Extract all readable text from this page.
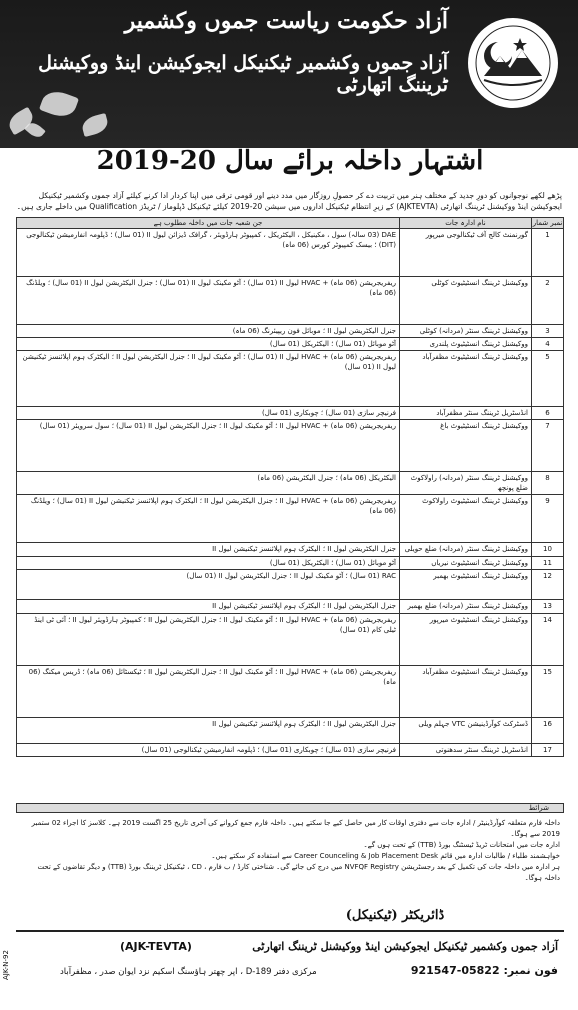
آزاد حکومت ریاست جموں وکشمیر
آزاد جموں وکشمیر ٹیکنیکل ایجوکیشن اینڈ ووکیشنل ٹریننگ اتھارٹی
اشتہار داخلہ برائے سال 20-2019
پڑھے لکھے نوجوانوں کو دورِ جدید کے مختلف ہنر میں تربیت دے کر حصولِ روزگار میں مدد دینے اور قومی ترقی میں اپنا کردار ادا کرنے کیلئے آزاد جموں وکشمیر ٹیکنیکل ایجوکیشن اینڈ ووکیشنل ٹریننگ اتھارٹی (AJKTEVTA) کے زیرِ انتظام ٹیکنیکل اداروں میں سیشن 20-2019 کیلئے ٹیکنیکل ڈپلوماز / ٹریڈز Qualification میں داخلے جاری ہیں۔
نمبر شمار	نام ادارہ جات	جن شعبہ جات میں داخلہ مطلوب ہے
1	گورنمنٹ کالج آف ٹیکنالوجی میرپور	DAE (03 سالہ) سول ، مکینیکل ، الیکٹریکل ، کمپیوٹر ہارڈویئر ، گرافک ڈیزائن لیول II (01 سال) ؛ ڈپلومہ انفارمیشن ٹیکنالوجی (DIT) ؛ بیسک کمپیوٹر کورس (06 ماہ)
2	ووکیشنل ٹریننگ انسٹیٹیوٹ کوٹلی	ریفریجریشن (06 ماہ) + HVAC لیول II (01 سال) ؛ آٹو مکینک لیول II (01 سال) ؛ جنرل الیکٹریشن لیول II (01 سال) ؛ ویلڈنگ (06 ماہ)
3	ووکیشنل ٹریننگ سنٹر (مردانہ) کوٹلی	جنرل الیکٹریشن لیول II ؛ موبائل فون ریپیئرنگ (06 ماہ)
4	ووکیشنل ٹریننگ انسٹیٹیوٹ پلندری	آٹو موبائل (01 سال) ؛ الیکٹریکل (01 سال)
5	ووکیشنل ٹریننگ انسٹیٹیوٹ مظفرآباد	ریفریجریشن (06 ماہ) + HVAC لیول II (01 سال) ؛ آٹو مکینک لیول II ؛ جنرل الیکٹریشن لیول II ؛ الیکٹرک ہوم اپلائنسز ٹیکنیشن لیول II (01 سال)
6	انڈسٹریل ٹریننگ سنٹر مظفرآباد	فرنیچر سازی (01 سال) ؛ چوبکاری (01 سال)
7	ووکیشنل ٹریننگ انسٹیٹیوٹ باغ	ریفریجریشن (06 ماہ) + HVAC لیول II ؛ آٹو مکینک لیول II ؛ جنرل الیکٹریشن لیول II (01 سال) ؛ سول سرویئر (01 سال)
8	ووکیشنل ٹریننگ سنٹر (مردانہ) راولاکوٹ ضلع پونچھ	الیکٹریکل (06 ماہ) ؛ جنرل الیکٹریشن (06 ماہ)
9	ووکیشنل ٹریننگ انسٹیٹیوٹ راولاکوٹ	ریفریجریشن (06 ماہ) + HVAC لیول II ؛ جنرل الیکٹریشن لیول II ؛ الیکٹرک ہوم اپلائنسز ٹیکنیشن لیول II (01 سال) ؛ ویلڈنگ (06 ماہ)
10	ووکیشنل ٹریننگ سنٹر (مردانہ) ضلع حویلی	جنرل الیکٹریشن لیول II ؛ الیکٹرک ہوم اپلائنسز ٹیکنیشن لیول II
11	ووکیشنل ٹریننگ انسٹیٹیوٹ نیریاں	آٹو موبائل (01 سال) ؛ الیکٹریکل (01 سال)
12	ووکیشنل ٹریننگ انسٹیٹیوٹ بھمبر	RAC (01 سال) ؛ آٹو مکینک لیول II ؛ جنرل الیکٹریشن لیول II (01 سال)
13	ووکیشنل ٹریننگ سنٹر (مردانہ) ضلع بھمبر	جنرل الیکٹریشن لیول II ؛ الیکٹرک ہوم اپلائنسز ٹیکنیشن لیول II
14	ووکیشنل ٹریننگ انسٹیٹیوٹ میرپور	ریفریجریشن (06 ماہ) + HVAC لیول II ؛ آٹو مکینک لیول II ؛ جنرل الیکٹریشن لیول II ؛ کمپیوٹر ہارڈویئر لیول II ؛ آئی ٹی اینڈ ٹیلی کام (01 سال)
15	ووکیشنل ٹریننگ انسٹیٹیوٹ مظفرآباد	ریفریجریشن (06 ماہ) + HVAC لیول II ؛ آٹو مکینک لیول II ؛ جنرل الیکٹریشن لیول II ؛ ٹیکسٹائل (06 ماہ) ؛ ڈریس میکنگ (06 ماہ)
16	ڈسٹرکٹ کوآرڈینیشن VTC جہلم ویلی	جنرل الیکٹریشن لیول II ؛ الیکٹرک ہوم اپلائنسز ٹیکنیشن لیول II
17	انڈسٹریل ٹریننگ سنٹر سدھنوتی	فرنیچر سازی (01 سال) ؛ چوبکاری (01 سال) ؛ ڈپلومہ انفارمیشن ٹیکنالوجی (01 سال)
شرائط
داخلہ فارم متعلقہ کوآرڈینیٹر / ادارہ جات سے دفتری اوقات کار میں حاصل کیے جا سکتے ہیں۔ داخلہ فارم جمع کروانے کی آخری تاریخ 25 اگست 2019 ہے۔ کلاسز کا اجراء 02 ستمبر 2019 سے ہوگا۔
ادارہ جات میں امتحانات ٹریڈ ٹیسٹنگ بورڈ (TTB) کے تحت ہوں گے۔
خواہشمند طلباء / طالبات ادارہ میں قائم Career Counceling & Job Placement Desk سے استفادہ کر سکتے ہیں۔
ہر ادارہ میں داخلہ جات کی تکمیل کے بعد رجسٹریشن NVFQF Registry میں درج کی جائے گی۔ شناختی کارڈ / ب فارم ، CD ، ٹیکنیکل ٹریننگ بورڈ (TTB) و دیگر تقاضوں کے تحت داخلہ ہوگا۔
ڈائریکٹر (ٹیکنیکل)
آزاد جموں وکشمیر ٹیکنیکل ایجوکیشن اینڈ ووکیشنل ٹریننگ اتھارٹی
(AJK-TEVTA)
فون نمبر: 05822-921547
مرکزی دفتر D-189 ، اپر چھتر ہاؤسنگ اسکیم نزد ایوان صدر ، مظفرآباد
AJK-N-92
